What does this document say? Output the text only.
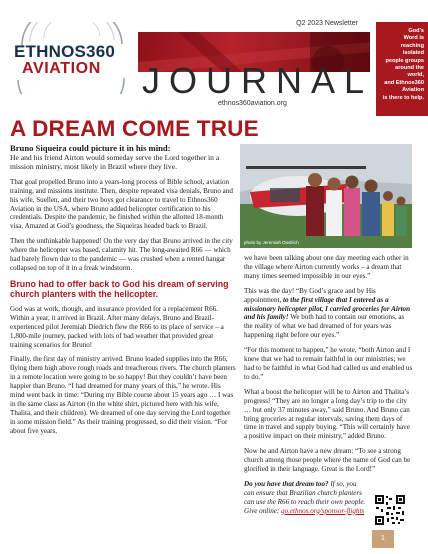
ETHNOS360
AVIATION
Q2 2023 Newsletter
JOURNAL
ethnos360aviation.org

God’s

Word is

reaching isolated

people groups

around the world,

and Ethnos360 Aviation

is there to help.

A DREAM COME TRUE
photo by Jeremiah Diedrich

Bruno Siqueira could picture it in his mind:

He and his friend Airton would someday serve the Lord together in a mission ministry, most likely in Brazil where they live.

That goal propelled Bruno into a years-long process of Bible school, aviation training, and missions institute. Then, despite repeated visa denials, Bruno and his wife, Suellen, and their two boys got clearance to travel to Ethnos360 Aviation in the USA, where Bruno added helicopter certification to his credentials. Despite the pandemic, he finished within the allotted 18-month visa. Amazed at God’s goodness, the Siqueiras headed back to Brazil.

Then the unthinkable happened! On the very day that Bruno arrived in the city where the helicopter was based, calamity hit. The long-awaited R66 — which had barely flown due to the pandemic — was crushed when a rented hangar collapsed on top of it in a freak windstorm.

Bruno had to offer back to God his dream of serving church planters with the helicopter.

God was at work, though, and insurance provided for a replacement R66. Within a year, it arrived in Brazil. After many delays, Bruno and Brazil-experienced pilot Jeremiah Diedrich flew the R66 to its place of service – a 1,800-mile journey, packed with lots of bad weather that provided great training scenarios for Bruno!

Finally, the first day of ministry arrived. Bruno loaded supplies into the R66, flying them high above rough roads and treacherous rivers. The church planters in a remote location were going to be so happy! But they couldn’t have been happier than Bruno. “I had dreamed for many years of this,” he wrote. His mind went back in time: “During my Bible course about 15 years ago … I was in the same class as Airton (in the white shirt, pictured here with his wife, Thalita, and their children). We dreamed of one day serving the Lord together in some mission field.” As their training progressed, so did their vision. “For about five years,

we have been talking about one day meeting each other in the village where Airton currently works – a dream that many times seemed impossible in our eyes.”

This was the day! “By God’s grace and by His appointment, to the first village that I entered as a missionary helicopter pilot, I carried groceries for Airton and his family! We both had to contain our emotions, as the reality of what we had dreamed of for years was happening right before our eyes.”

“For this moment to happen,” he wrote, “both Airton and I knew that we had to remain faithful in our ministries; we had to be faithful in what God had called us and enabled us to do.”

What a boost the helicopter will be to Airton and Thalita’s progress! “They are no longer a long day’s trip to the city … but only 37 minutes away,” said Bruno. And Bruno can bring groceries at regular intervals, saving them days of time in travel and supply buying. “This will certainly have a positive impact on their ministry,” added Bruno.

Now he and Airton have a new dream: “To see a strong church among those people where the name of God can be glorified in their language. Great is the Lord!”

Do you have that dream too? If so, you can ensure that Brazilian church planters can use the R66 to reach their own people. Give online: go.ethnos.org/sponsor-flights

1
